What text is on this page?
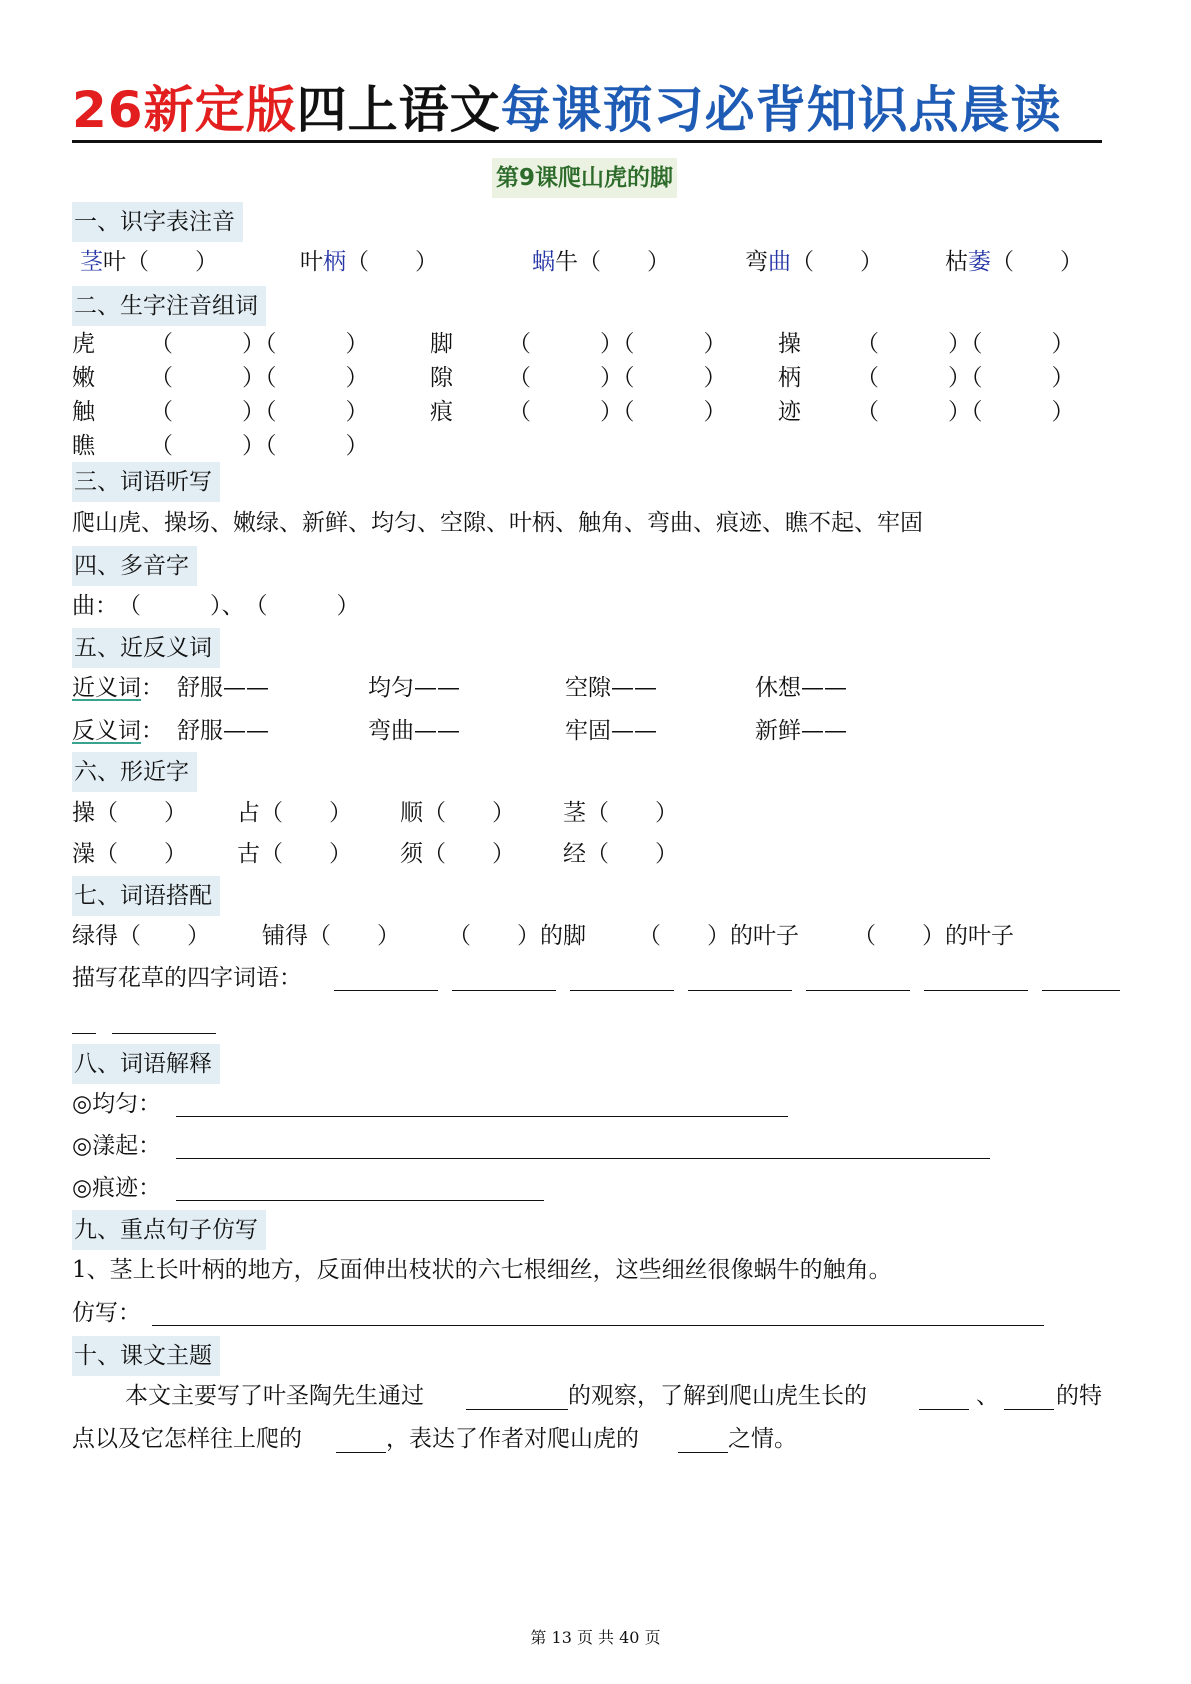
26新定版四上语文每课预习必背知识点晨读
第9课爬山虎的脚
一、识字表注音
茎叶（　　）	叶柄（　　）	蜗牛（　　）	弯曲（　　）	枯萎（　　）
二、生字注音组词
虎 （　　　）（　　　）	脚 （　　　）（　　　） 操 （　　　）（　　　）
嫩 （　　　）（　　　）	隙 （　　　）（　　　） 柄 （　　　）（　　　）
触 （　　　）（　　　）	痕 （　　　）（　　　） 迹 （　　　）（　　　）
瞧 （　　　）（　　　）
三、词语听写
爬山虎、操场、嫩绿、新鲜、均匀、空隙、叶柄、触角、弯曲、痕迹、瞧不起、牢固
四、多音字
曲：　（　　　）、　（　　　）
五、近反义词
近义词： 舒服——	均匀——	空隙——	休想——
反义词： 舒服——	弯曲——	牢固——	新鲜——
六、形近字
操（　　） 占（　　） 顺（　　） 茎（　　）
澡（　　） 古（　　） 须（　　） 经（　　）
七、词语搭配
绿得（　　） 铺得（　　） （　　）的脚 （　　）的叶子 （　　）的叶子
描写花草的四字词语：
八、词语解释
◎均匀：
◎漾起：
◎痕迹：
九、重点句子仿写
1、茎上长叶柄的地方，反面伸出枝状的六七根细丝，这些细丝很像蜗牛的触角。
仿写：
十、课文主题
本文主要写了叶圣陶先生通过	的观察，了解到爬山虎生长的	、 的特
点以及它怎样往上爬的	，表达了作者对爬山虎的	之情。
第 13 页 共 40 页
